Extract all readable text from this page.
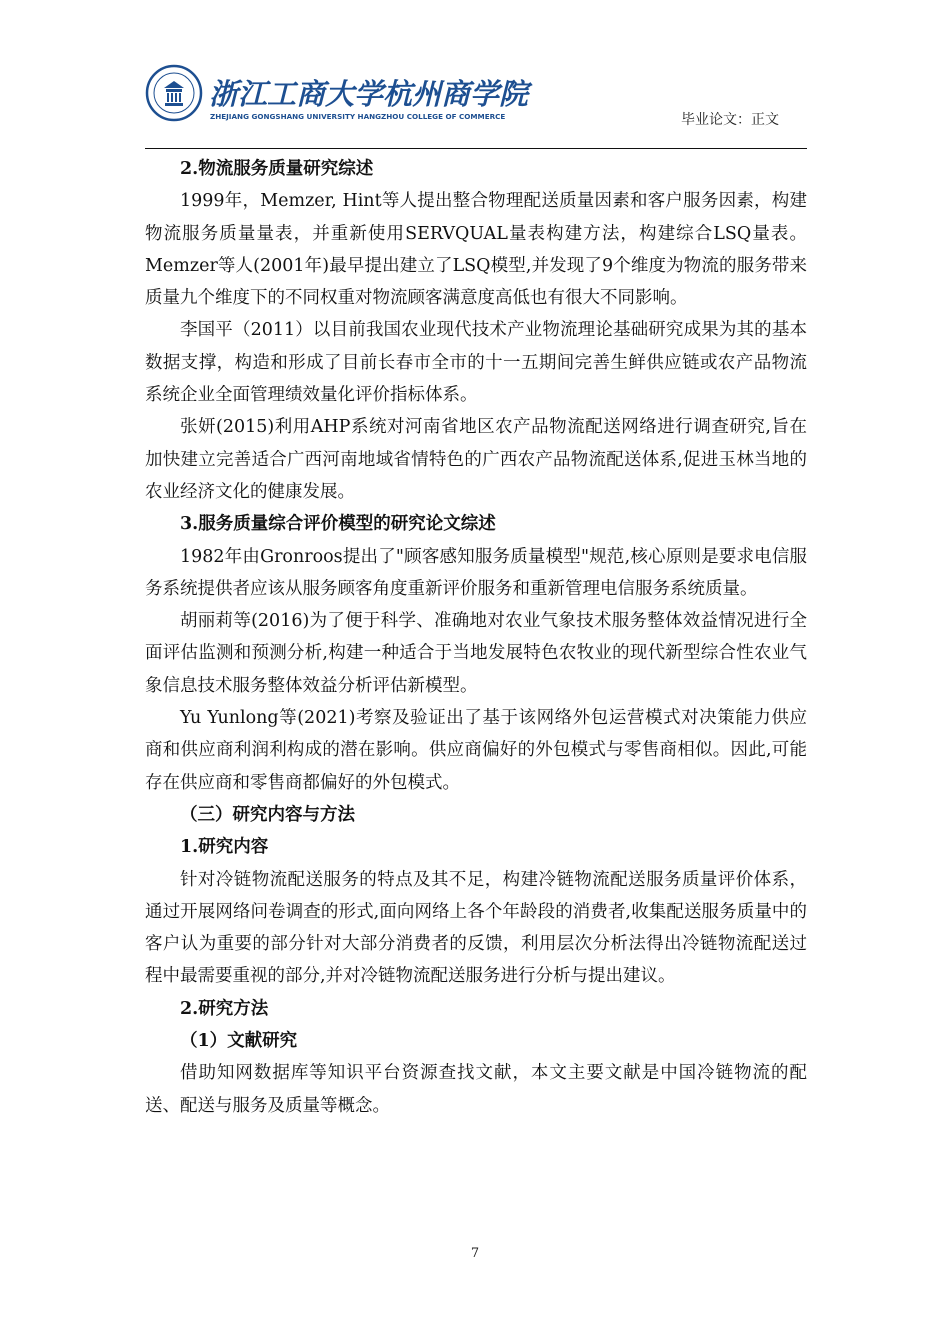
浙江工商大学杭州商学院
ZHEJIANG GONGSHANG UNIVERSITY HANGZHOU COLLEGE OF COMMERCE	毕业论文：正文
2.物流服务质量研究综述

1999年，Memzer, Hint等人提出整合物理配送质量因素和客户服务因素，构建物流服务质量量表，并重新使用SERVQUAL量表构建方法，构建综合LSQ量表。Memzer等人(2001年)最早提出建立了LSQ模型,并发现了9个维度为物流的服务带来质量九个维度下的不同权重对物流顾客满意度高低也有很大不同影响。

李国平（2011）以目前我国农业现代技术产业物流理论基础研究成果为其的基本数据支撑，构造和形成了目前长春市全市的十一五期间完善生鲜供应链或农产品物流系统企业全面管理绩效量化评价指标体系。

张妍(2015)利用AHP系统对河南省地区农产品物流配送网络进行调查研究,旨在加快建立完善适合广西河南地域省情特色的广西农产品物流配送体系,促进玉林当地的农业经济文化的健康发展。

3.服务质量综合评价模型的研究论文综述

1982年由Gronroos提出了"顾客感知服务质量模型"规范,核心原则是要求电信服务系统提供者应该从服务顾客角度重新评价服务和重新管理电信服务系统质量。

胡丽莉等(2016)为了便于科学、准确地对农业气象技术服务整体效益情况进行全面评估监测和预测分析,构建一种适合于当地发展特色农牧业的现代新型综合性农业气象信息技术服务整体效益分析评估新模型。

Yu Yunlong等(2021)考察及验证出了基于该网络外包运营模式对决策能力供应商和供应商利润利构成的潜在影响。供应商偏好的外包模式与零售商相似。因此,可能存在供应商和零售商都偏好的外包模式。

（三）研究内容与方法
1.研究内容

针对冷链物流配送服务的特点及其不足，构建冷链物流配送服务质量评价体系，通过开展网络问卷调查的形式,面向网络上各个年龄段的消费者,收集配送服务质量中的客户认为重要的部分针对大部分消费者的反馈，利用层次分析法得出冷链物流配送过程中最需要重视的部分,并对冷链物流配送服务进行分析与提出建议。

2.研究方法
（1）文献研究

借助知网数据库等知识平台资源查找文献，本文主要文献是中国冷链物流的配送、配送与服务及质量等概念。

7
